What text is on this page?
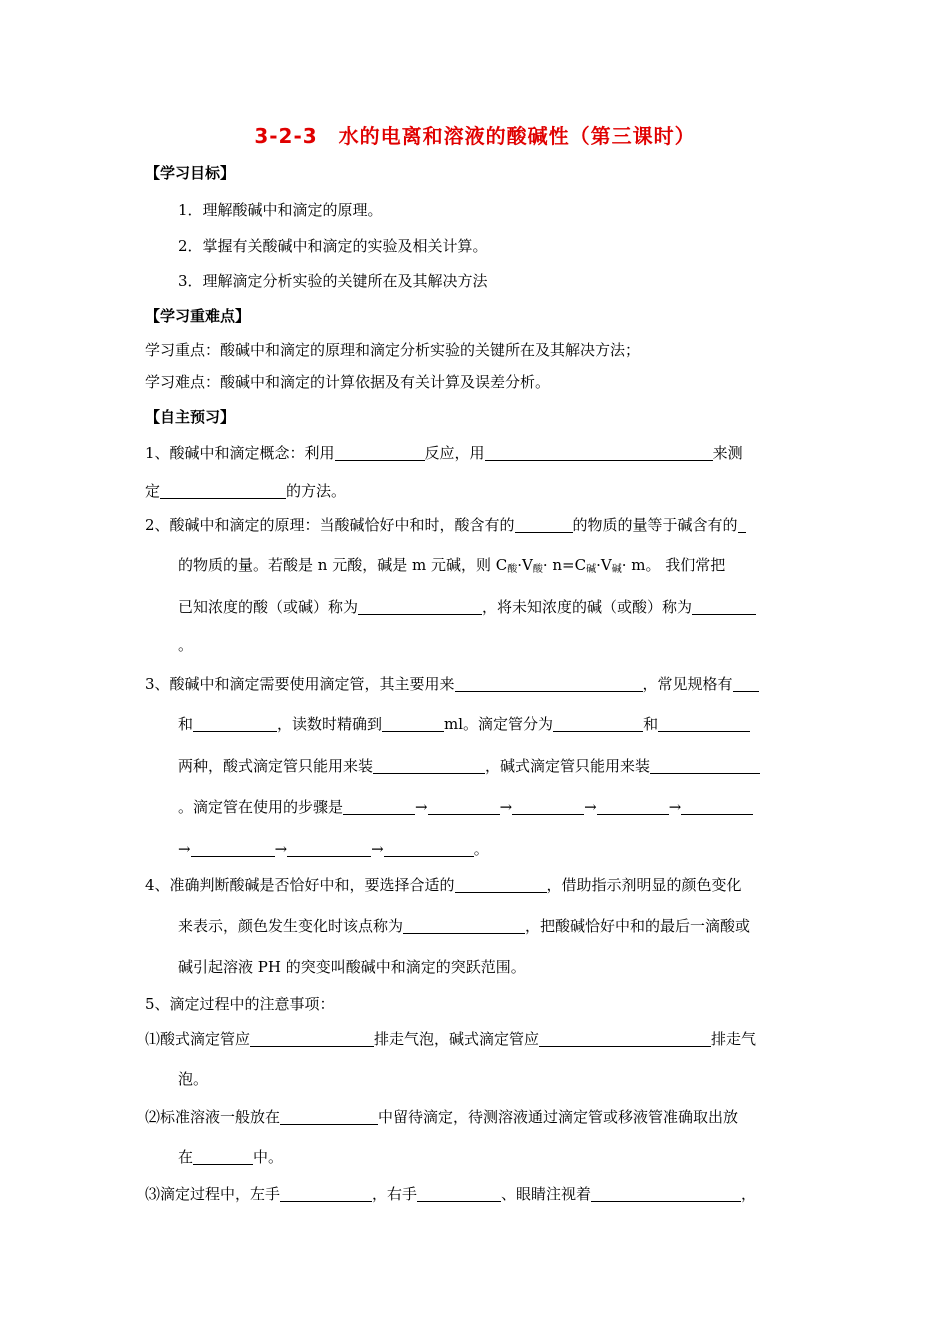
3-2-3　水的电离和溶液的酸碱性（第三课时）
【学习目标】
1．理解酸碱中和滴定的原理。
2．掌握有关酸碱中和滴定的实验及相关计算。
3．理解滴定分析实验的关键所在及其解决方法
【学习重难点】
学习重点：酸碱中和滴定的原理和滴定分析实验的关键所在及其解决方法；
学习难点：酸碱中和滴定的计算依据及有关计算及误差分析。
【自主预习】
1、酸碱中和滴定概念：利用	反应，用	来测
定	的方法。
2、酸碱中和滴定的原理：当酸碱恰好中和时，酸含有的	的物质的量等于碱含有的
的物质的量。若酸是 n 元酸，碱是 m 元碱，则 $C_酸\cdot V_酸\cdot n=C_碱\cdot V_碱\cdot m$。 我们常把
已知浓度的酸（或碱）称为	，将未知浓度的碱（或酸）称为
。
3、酸碱中和滴定需要使用滴定管，其主要用来	，常见规格有
和	，读数时精确到	ml。滴定管分为	和
两种，酸式滴定管只能用来装	，碱式滴定管只能用来装
。滴定管在使用的步骤是	→	→	→	→
→	→	→	。
4、准确判断酸碱是否恰好中和，要选择合适的	，借助指示剂明显的颜色变化
来表示，颜色发生变化时该点称为	，把酸碱恰好中和的最后一滴酸或
碱引起溶液 PH 的突变叫酸碱中和滴定的突跃范围。
5、滴定过程中的注意事项：
⑴酸式滴定管应	排走气泡，碱式滴定管应	排走气
泡。
⑵标准溶液一般放在	中留待滴定，待测溶液通过滴定管或移液管准确取出放
在	中。
⑶滴定过程中，左手	，右手	、眼睛注视着	，
